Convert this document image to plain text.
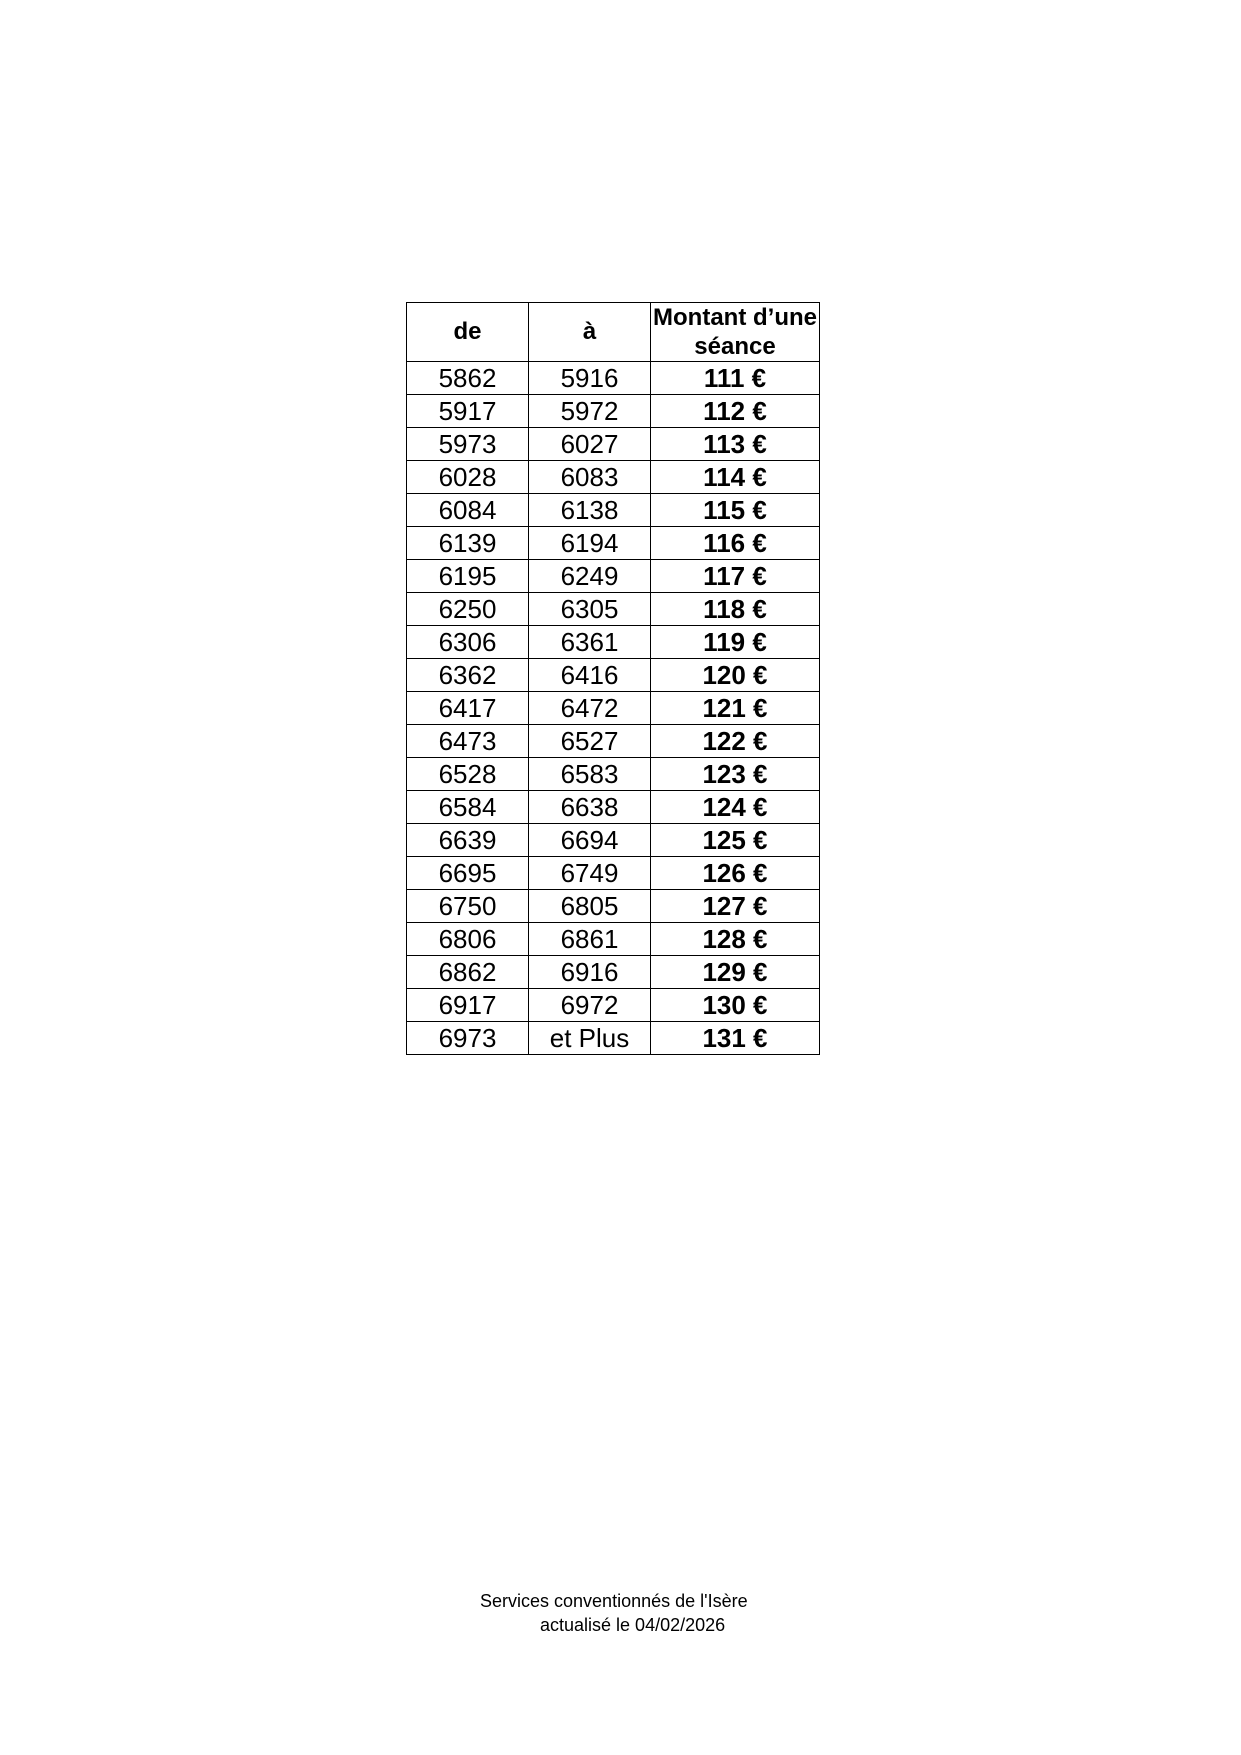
de	à	Montant d’une séance
5862	5916	111 €
5917	5972	112 €
5973	6027	113 €
6028	6083	114 €
6084	6138	115 €
6139	6194	116 €
6195	6249	117 €
6250	6305	118 €
6306	6361	119 €
6362	6416	120 €
6417	6472	121 €
6473	6527	122 €
6528	6583	123 €
6584	6638	124 €
6639	6694	125 €
6695	6749	126 €
6750	6805	127 €
6806	6861	128 €
6862	6916	129 €
6917	6972	130 €
6973	et Plus	131 €
Services conventionnés de l'Isère
actualisé le 04/02/2026
